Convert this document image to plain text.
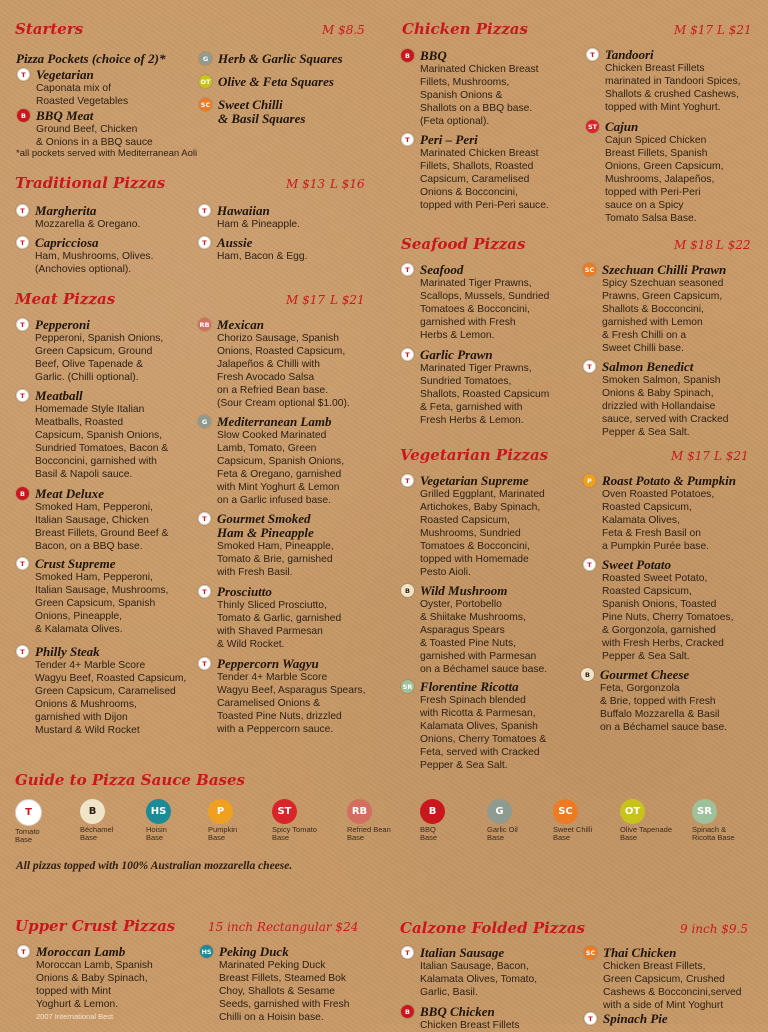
Starters	M $8.5
Pizza Pockets (choice of 2)*
T Vegetarian

Caponata mix of
Roasted Vegetables

B BBQ Meat

Ground Beef, Chicken
& Onions in a BBQ sauce

*all pockets served with Mediterranean Aoli
G Herb & Garlic Squares
OT Olive & Feta Squares
SC Sweet Chilli
& Basil Squares
Traditional Pizzas	M $13 L $16
T Margherita

Mozzarella & Oregano.

T Capricciosa

Ham, Mushrooms, Olives.
(Anchovies optional).

T Hawaiian

Ham & Pineapple.

T Aussie

Ham, Bacon & Egg.

Meat Pizzas	M $17 L $21
T Pepperoni

Pepperoni, Spanish Onions,
Green Capsicum, Ground
Beef, Olive Tapenade &
Garlic. (Chilli optional).

T Meatball

Homemade Style Italian
Meatballs, Roasted
Capsicum, Spanish Onions,
Sundried Tomatoes, Bacon &
Bocconcini, garnished with
Basil & Napoli sauce.

B Meat Deluxe

Smoked Ham, Pepperoni,
Italian Sausage, Chicken
Breast Fillets, Ground Beef &
Bacon, on a BBQ base.

T Crust Supreme

Smoked Ham, Pepperoni,
Italian Sausage, Mushrooms,
Green Capsicum, Spanish
Onions, Pineapple,
& Kalamata Olives.

T Philly Steak

Tender 4+ Marble Score
Wagyu Beef, Roasted Capsicum,
Green Capsicum, Caramelised
Onions & Mushrooms,
garnished with Dijon
Mustard & Wild Rocket

RB Mexican

Chorizo Sausage, Spanish
Onions, Roasted Capsicum,
Jalapeños & Chilli with
Fresh Avocado Salsa
on a Refried Bean base.
(Sour Cream optional $1.00).

G Mediterranean Lamb

Slow Cooked Marinated
Lamb, Tomato, Green
Capsicum, Spanish Onions,
Feta & Oregano, garnished
with Mint Yoghurt & Lemon
on a Garlic infused base.

T Gourmet Smoked
Ham & Pineapple

Smoked Ham, Pineapple,
Tomato & Brie, garnished
with Fresh Basil.

T Prosciutto

Thinly Sliced Prosciutto,
Tomato & Garlic, garnished
with Shaved Parmesan
& Wild Rocket.

T Peppercorn Wagyu

Tender 4+ Marble Score
Wagyu Beef, Asparagus Spears,
Caramelised Onions &
Toasted Pine Nuts, drizzled
with a Peppercorn sauce.

Chicken Pizzas	M $17 L $21
B BBQ

Marinated Chicken Breast
Fillets, Mushrooms,
Spanish Onions &
Shallots on a BBQ base.
(Feta optional).

T Peri – Peri

Marinated Chicken Breast
Fillets, Shallots, Roasted
Capsicum, Caramelised
Onions & Bocconcini,
topped with Peri-Peri sauce.

T Tandoori

Chicken Breast Fillets
marinated in Tandoori Spices,
Shallots & crushed Cashews,
topped with Mint Yoghurt.

ST Cajun

Cajun Spiced Chicken
Breast Fillets, Spanish
Onions, Green Capsicum,
Mushrooms, Jalapeños,
topped with Peri-Peri
sauce on a Spicy
Tomato Salsa Base.

Seafood Pizzas	M $18 L $22
T Seafood

Marinated Tiger Prawns,
Scallops, Mussels, Sundried
Tomatoes & Bocconcini,
garnished with Fresh
Herbs & Lemon.

T Garlic Prawn

Marinated Tiger Prawns,
Sundried Tomatoes,
Shallots, Roasted Capsicum
& Feta, garnished with
Fresh Herbs & Lemon.

SC Szechuan Chilli Prawn

Spicy Szechuan seasoned
Prawns, Green Capsicum,
Shallots & Bocconcini,
garnished with Lemon
& Fresh Chilli on a
Sweet Chilli base.

T Salmon Benedict

Smoken Salmon, Spanish
Onions & Baby Spinach,
drizzled with Hollandaise
sauce, served with Cracked
Pepper & Sea Salt.

Vegetarian Pizzas	M $17 L $21
T Vegetarian Supreme

Grilled Eggplant, Marinated
Artichokes, Baby Spinach,
Roasted Capsicum,
Mushrooms, Sundried
Tomatoes & Bocconcini,
topped with Homemade
Pesto Aioli.

B Wild Mushroom

Oyster, Portobello
& Shiitake Mushrooms,
Asparagus Spears
& Toasted Pine Nuts,
garnished with Parmesan
on a Béchamel sauce base.

SR Florentine Ricotta

Fresh Spinach blended
with Ricotta & Parmesan,
Kalamata Olives, Spanish
Onions, Cherry Tomatoes &
Feta, served with Cracked
Pepper & Sea Salt.

P Roast Potato & Pumpkin

Oven Roasted Potatoes,
Roasted Capsicum,
Kalamata Olives,
Feta & Fresh Basil on
a Pumpkin Purée base.

T Sweet Potato

Roasted Sweet Potato,
Roasted Capsicum,
Spanish Onions, Toasted
Pine Nuts, Cherry Tomatoes,
& Gorgonzola, garnished
with Fresh Herbs, Cracked
Pepper & Sea Salt.

B Gourmet Cheese

Feta, Gorgonzola
& Brie, topped with Fresh
Buffalo Mozzarella & Basil
on a Béchamel sauce base.

Guide to Pizza Sauce Bases
T
Tomato
Base
B
Béchamel
Base
HS
Hoisin
Base
P
Pumpkin
Base
ST
Spicy Tomato
Base
RB
Refried Bean
Base
B
BBQ
Base
G
Garlic Oil
Base
SC
Sweet Chilli
Base
OT
Olive Tapenade
Base
SR
Spinach &
Ricotta Base
All pizzas topped with 100% Australian mozzarella cheese.
Upper Crust Pizzas	15 inch Rectangular $24
T Moroccan Lamb

Moroccan Lamb, Spanish
Onions & Baby Spinach,
topped with Mint
Yoghurt & Lemon.

2007 International Best
HS Peking Duck

Marinated Peking Duck
Breast Fillets, Steamed Bok
Choy, Shallots & Sesame
Seeds, garnished with Fresh
Chilli on a Hoisin base.

Calzone Folded Pizzas	9 inch $9.5
T Italian Sausage

Italian Sausage, Bacon,
Kalamata Olives, Tomato,
Garlic, Basil.

B BBQ Chicken

Chicken Breast Fillets

SC Thai Chicken

Chicken Breast Fillets,
Green Capsicum, Crushed
Cashews & Bocconcini,served
with a side of Mint Yoghurt

T Spinach Pie
